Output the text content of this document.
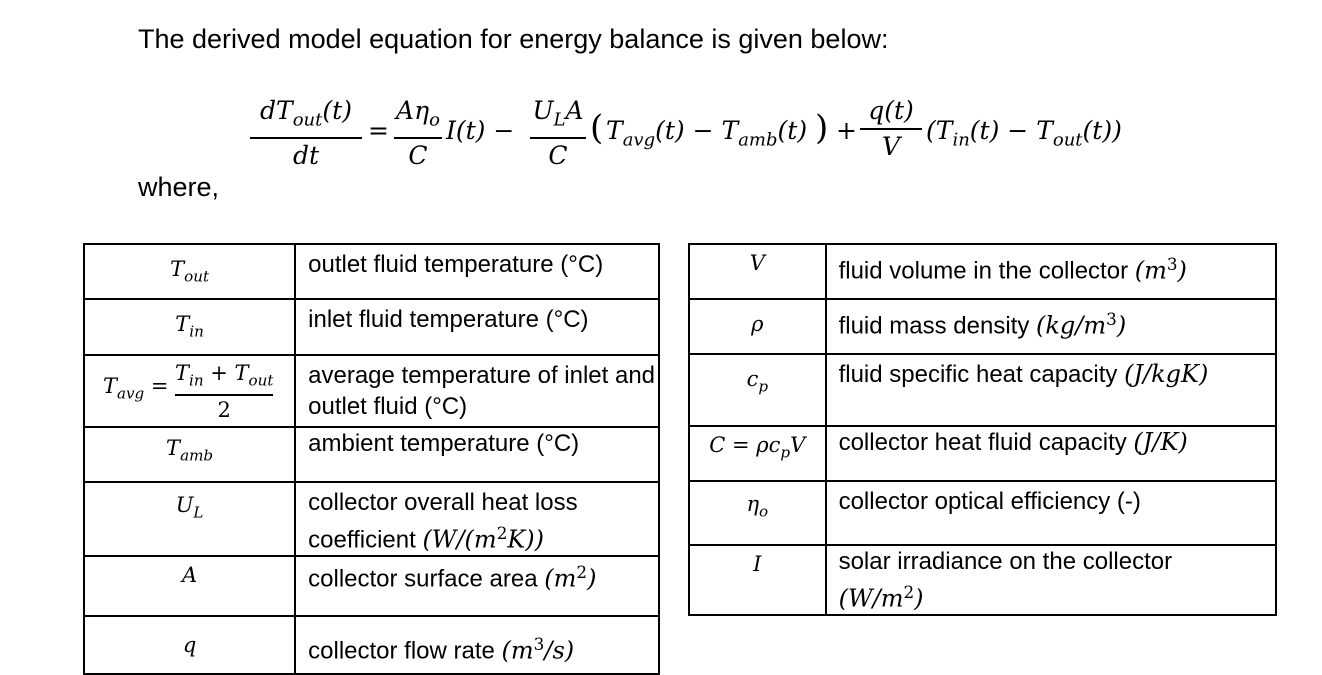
The derived model equation for energy balance is given below:
$dT_{out}(t)$
dt
=
$A\eta_o$
C
I(t) −
$U_LA$
C
( $T_{avg}(t) - T_{amb}(t)$ ) +
q(t)
V
$(T_{in}(t) - T_{out}(t))$
where,
$T_{out}$	outlet fluid temperature (°C)
$T_{in}$	inlet fluid temperature (°C)

$T_{avg}$ =
$T_{in} + T_{out}$
2	average temperature of inlet and outlet fluid (°C)
$T_{amb}$	ambient temperature (°C)
$U_L$	collector overall heat loss coefficient $(W/(m^2K))$
A	collector surface area $(m^2)$
q	collector flow rate $(m^3/s)$
V	fluid volume in the collector $(m^3)$
ρ	fluid mass density $(kg/m^3)$
$c_p$	fluid specific heat capacity (J/kgK)
$C = \rho c_pV$	collector heat fluid capacity (J/K)
$\eta_o$	collector optical efficiency (-)
I	solar irradiance on the collector
$(W/m^2)$
